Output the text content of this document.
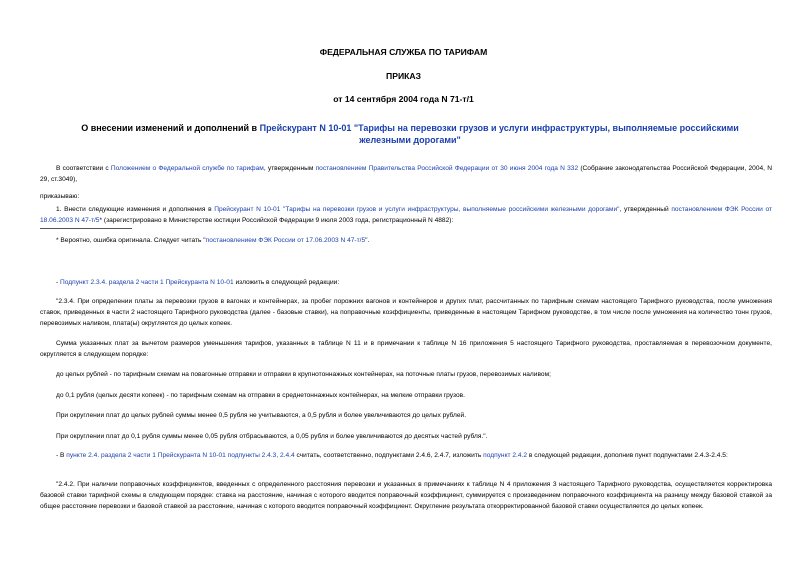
ФЕДЕРАЛЬНАЯ СЛУЖБА ПО ТАРИФАМ
ПРИКАЗ
от 14 сентября 2004 года N 71-т/1
О внесении изменений и дополнений в Прейскурант N 10-01 "Тарифы на перевозки грузов и услуги инфраструктуры, выполняемые российскими железными дорогами"
В соответствии с Положением о Федеральной службе по тарифам, утвержденным постановлением Правительства Российской Федерации от 30 июня 2004 года N 332 (Собрание законодательства Российской Федерации, 2004, N 29, ст.3049),
приказываю:
1. Внести следующие изменения и дополнения в Прейскурант N 10-01 "Тарифы на перевозки грузов и услуги инфраструктуры, выполняемые российскими железными дорогами", утвержденный постановлением ФЭК России от 18.06.2003 N 47-т/5* (зарегистрировано в Министерстве юстиции Российской Федерации 9 июля 2003 года, регистрационный N 4882):
* Вероятно, ошибка оригинала. Следует читать "постановлением ФЭК России от 17.06.2003 N 47-т/5".
- Подпункт 2.3.4. раздела 2 части 1 Прейскуранта N 10-01 изложить в следующей редакции:
"2.3.4. При определении платы за перевозки грузов в вагонах и контейнерах, за пробег порожних вагонов и контейнеров и других плат, рассчитанных по тарифным схемам настоящего Тарифного руководства, после умножения ставок, приведенных в части 2 настоящего Тарифного руководства (далее - базовые ставки), на поправочные коэффициенты, приведенные в настоящем Тарифном руководстве, в том числе после умножения на количество тонн грузов, перевозимых наливом, плата(ы) округляется до целых копеек.
Сумма указанных плат за вычетом размеров уменьшения тарифов, указанных в таблице N 11 и в примечании к таблице N 16 приложения 5 настоящего Тарифного руководства, проставляемая в перевозочном документе, округляется в следующем порядке:
до целых рублей - по тарифным схемам на повагонные отправки и отправки в крупнотоннажных контейнерах, на поточные платы грузов, перевозимых наливом;
до 0,1 рубля (целых десяти копеек) - по тарифным схемам на отправки в среднетоннажных контейнерах, на мелкие отправки грузов.
При округлении плат до целых рублей суммы менее 0,5 рубля не учитываются, а 0,5 рубля и более увеличиваются до целых рублей.
При округлении плат до 0,1 рубля суммы менее 0,05 рубля отбрасываются, а 0,05 рубля и более увеличиваются до десятых частей рубля.".
- В пункте 2.4. раздела 2 части 1 Прейскуранта N 10-01 подпункты 2.4.3, 2.4.4 считать, соответственно, подпунктами 2.4.6, 2.4.7, изложить подпункт 2.4.2 в следующей редакции, дополнив пункт подпунктами 2.4.3-2.4.5:
"2.4.2. При наличии поправочных коэффициентов, введенных с определенного расстояния перевозки и указанных в примечаниях к таблице N 4 приложения 3 настоящего Тарифного руководства, осуществляется корректировка базовой ставки тарифной схемы в следующем порядке: ставка на расстояние, начиная с которого вводится поправочный коэффициент, суммируется с произведением поправочного коэффициента на разницу между базовой ставкой за общее расстояние перевозки и базовой ставкой за расстояние, начиная с которого вводится поправочный коэффициент. Округление результата откорректированной базовой ставки осуществляется до целых копеек.
